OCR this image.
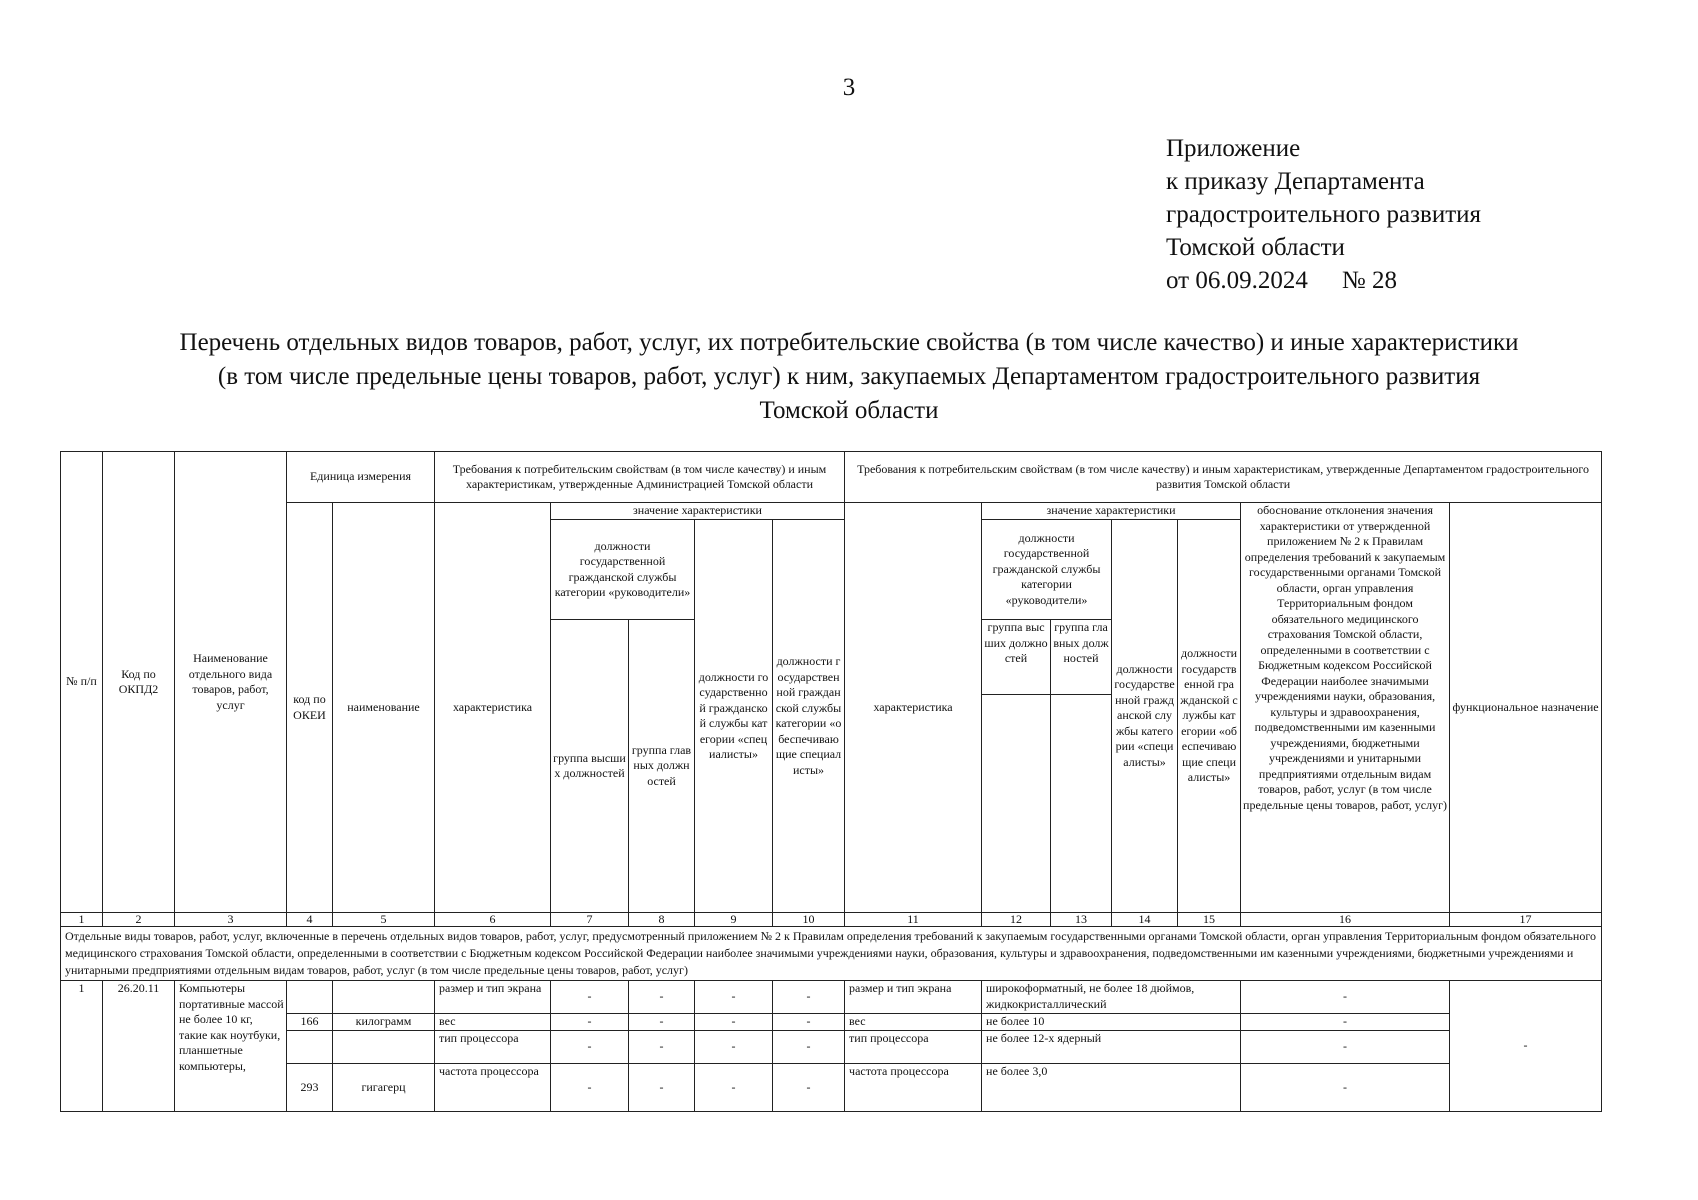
3
Приложение
к приказу Департамента
градостроительного развития
Томской области
от 06.09.2024 № 28
Перечень отдельных видов товаров, работ, услуг, их потребительские свойства (в том числе качество) и иные характеристики
(в том числе предельные цены товаров, работ, услуг) к ним, закупаемых Департаментом градостроительного развития
Томской области
№ п/п	Код по ОКПД2	Наименование отдельного вида товаров, работ, услуг	Единица измерения		Требования к потребительским свойствам (в том числе качеству) и иным характеристикам, утвержденные Администрацией Томской области					Требования к потребительским свойствам (в том числе качеству) и иным характеристикам, утвержденные Департаментом градостроительного развития Томской области						
			код по ОКЕИ	наименование	характеристика	значение характеристики				характеристика	значение характеристики				обоснование отклонения значения характеристики от утвержденной приложением № 2 к Правилам определения требований к закупаемым государственными органами Томской области, орган управления Территориальным фондом обязательного медицинского страхования Томской области, определенными в соответствии с Бюджетным кодексом Российской Федерации наиболее значимыми учреждениями науки, образования, культуры и здравоохранения, подведомственными им казенными учреждениями, бюджетными учреждениями и унитарными предприятиями отдельным видам товаров, работ, услуг (в том числе предельные цены товаров, работ, услуг)	функциональное назначение
						должности государственной гражданской службы категории «руководители»		должности государственной гражданской службы категории «специалисты»	должности государственной гражданской службы категории «обеспечивающие специалисты»		должности государственной гражданской службы категории «руководители»		должности государственной гражданской службы категории «специалисты»	должности государственной гражданской службы категории «обеспечивающие специалисты»		
						группа высших должностей	группа главных должностей				группа высших должностей	группа главных должностей				

1	2	3	4	5	6	7	8	9	10	11	12	13	14	15	16	17
Отдельные виды товаров, работ, услуг, включенные в перечень отдельных видов товаров, работ, услуг, предусмотренный приложением № 2 к Правилам определения требований к закупаемым государственными органами Томской области, орган управления Территориальным фондом обязательного медицинского страхования Томской области, определенными в соответствии с Бюджетным кодексом Российской Федерации наиболее значимыми учреждениями науки, образования, культуры и здравоохранения, подведомственными им казенными учреждениями, бюджетными учреждениями и унитарными предприятиями отдельным видам товаров, работ, услуг (в том числе предельные цены товаров, работ, услуг)																
1	26.20.11	Компьютеры портативные массой не более 10 кг, такие как ноутбуки, планшетные компьютеры,			размер и тип экрана	-	-	-	-	размер и тип экрана	широкоформатный, не более 18 дюймов, жидкокристаллический				-	-
			166	килограмм	вес	-	-	-	-	вес	не более 10				-	
					тип процессора	-	-	-	-	тип процессора	не более 12-х ядерный				-	
			293	гигагерц	частота процессора	-	-	-	-	частота процессора	не более 3,0				-	
